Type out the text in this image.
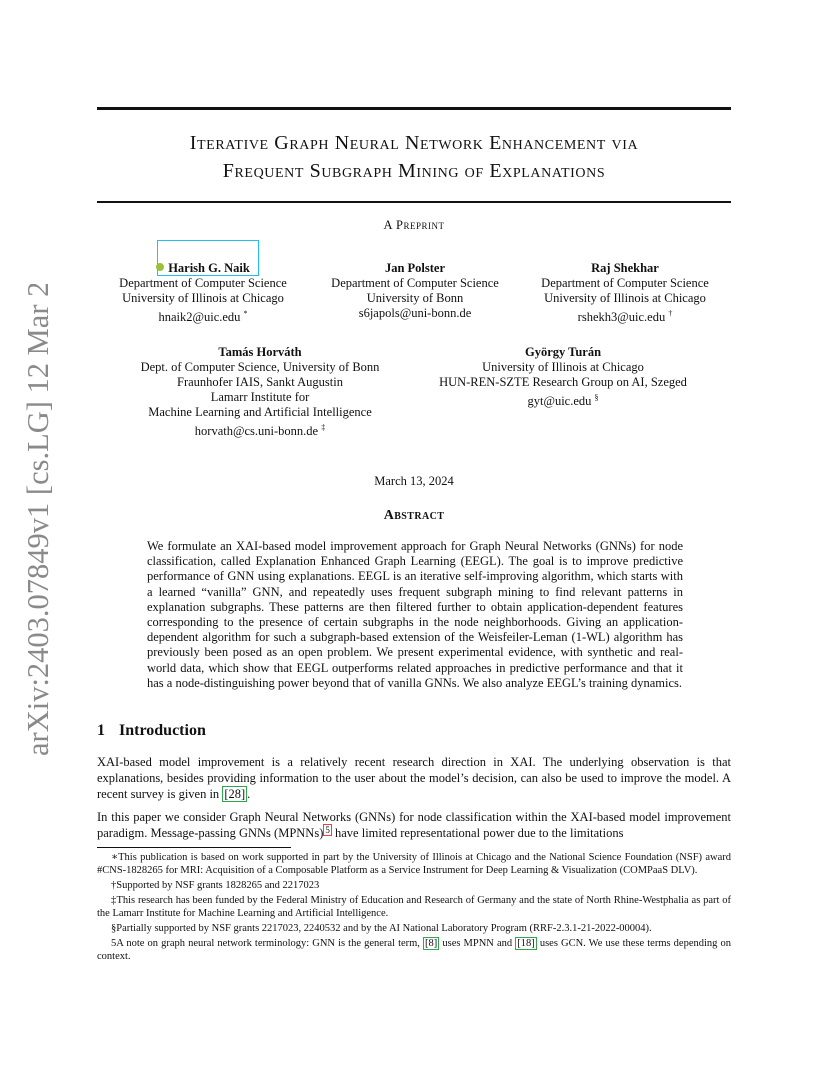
arXiv:2403.07849v1 [cs.LG] 12 Mar 2024
Iterative Graph Neural Network Enhancement via
Frequent Subgraph Mining of Explanations
A Preprint
Harish G. Naik
Department of Computer Science
University of Illinois at Chicago
hnaik2@uic.edu *
Jan Polster
Department of Computer Science
University of Bonn
s6japols@uni-bonn.de
Raj Shekhar
Department of Computer Science
University of Illinois at Chicago
rshekh3@uic.edu †
Tamás Horváth
Dept. of Computer Science, University of Bonn
Fraunhofer IAIS, Sankt Augustin
Lamarr Institute for
Machine Learning and Artificial Intelligence
horvath@cs.uni-bonn.de ‡
György Turán
University of Illinois at Chicago
HUN-REN-SZTE Research Group on AI, Szeged
gyt@uic.edu §
March 13, 2024
Abstract
We formulate an XAI-based model improvement approach for Graph Neural Networks (GNNs) for node classification, called Explanation Enhanced Graph Learning (EEGL). The goal is to improve predictive performance of GNN using explanations. EEGL is an iterative self-improving algorithm, which starts with a learned “vanilla” GNN, and repeatedly uses frequent subgraph mining to find relevant patterns in explanation subgraphs. These patterns are then filtered further to obtain application-dependent features corresponding to the presence of certain subgraphs in the node neighborhoods. Giving an application-dependent algorithm for such a subgraph-based extension of the Weisfeiler-Leman (1-WL) algorithm has previously been posed as an open problem. We present experimental evidence, with synthetic and real-world data, which show that EEGL outperforms related approaches in predictive performance and that it has a node-distinguishing power beyond that of vanilla GNNs. We also analyze EEGL’s training dynamics.
1 Introduction
XAI-based model improvement is a relatively recent research direction in XAI. The underlying observation is that explanations, besides providing information to the user about the model’s decision, can also be used to improve the model. A recent survey is given in [28] .
In this paper we consider Graph Neural Networks (GNNs) for node classification within the XAI-based model improvement paradigm. Message-passing GNNs (MPNNs) $^5$ have limited representational power due to the limitations

∗This publication is based on work supported in part by the University of Illinois at Chicago and the National Science Foundation (NSF) award #CNS-1828265 for MRI: Acquisition of a Composable Platform as a Service Instrument for Deep Learning & Visualization (COMPaaS DLV).

†Supported by NSF grants 1828265 and 2217023

‡This research has been funded by the Federal Ministry of Education and Research of Germany and the state of North Rhine-Westphalia as part of the Lamarr Institute for Machine Learning and Artificial Intelligence.

§Partially supported by NSF grants 2217023, 2240532 and by the AI National Laboratory Program (RRF-2.3.1-21-2022-00004).

5A note on graph neural network terminology: GNN is the general term, [8] uses MPNN and [18] uses GCN. We use these terms depending on context.
